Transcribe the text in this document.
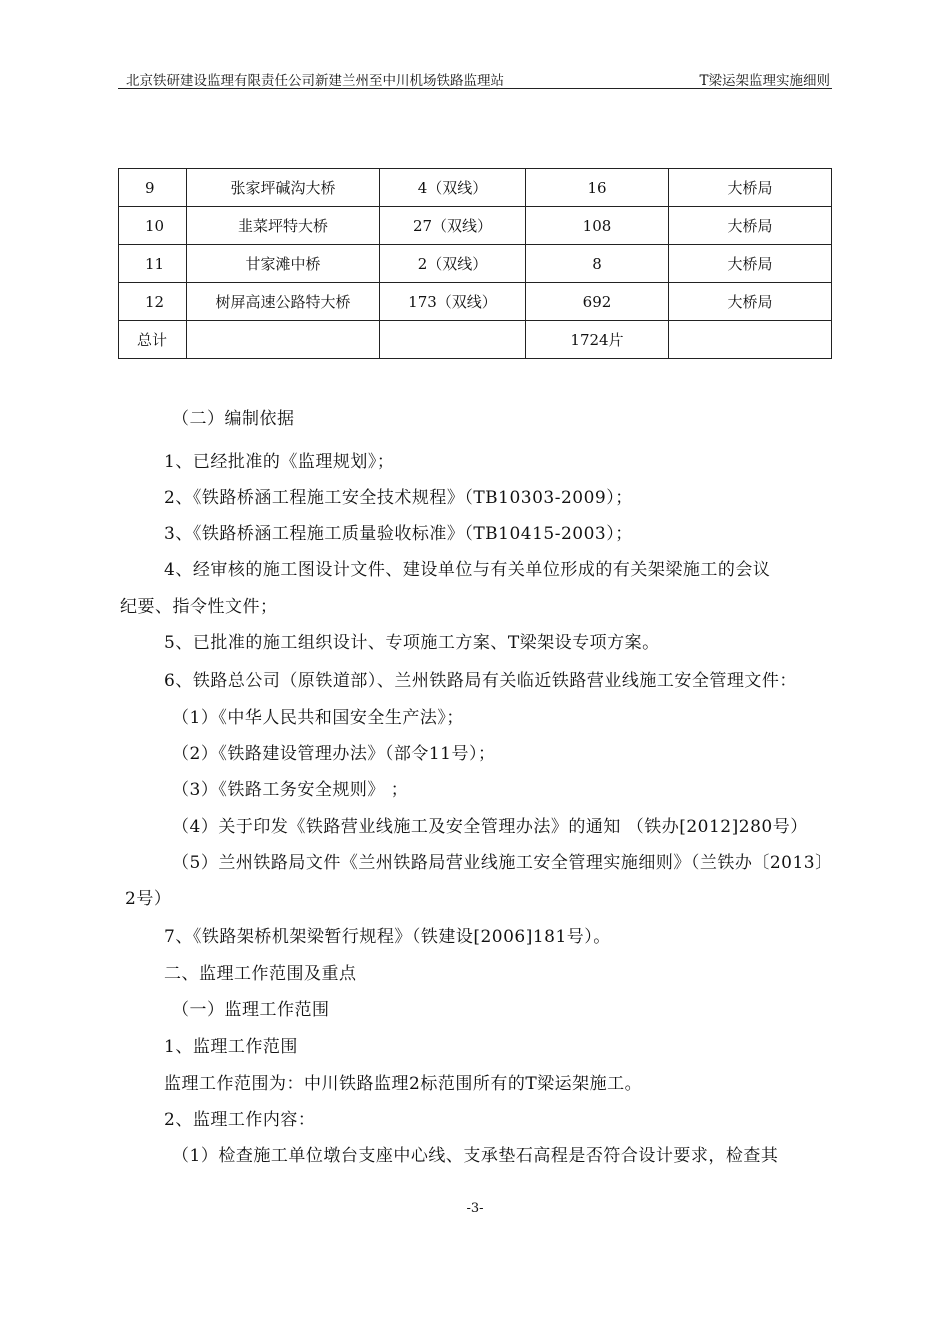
北京铁研建设监理有限责任公司新建兰州至中川机场铁路监理站	T梁运架监理实施细则
9	张家坪碱沟大桥	4（双线）	16	大桥局
10	韭菜坪特大桥	27（双线）	108	大桥局
11	甘家滩中桥	2（双线）	8	大桥局
12	树屏高速公路特大桥	173（双线）	692	大桥局
总计			1724片	
（二）编制依据
1、已经批准的《监理规划》；
2、《铁路桥涵工程施工安全技术规程》（TB10303-2009）；
3、《铁路桥涵工程施工质量验收标准》（TB10415-2003）；
4、经审核的施工图设计文件、建设单位与有关单位形成的有关架梁施工的会议
纪要、指令性文件；
5、已批准的施工组织设计、专项施工方案、T梁架设专项方案。
6、铁路总公司（原铁道部）、兰州铁路局有关临近铁路营业线施工安全管理文件：
（1）《中华人民共和国安全生产法》；
（2）《铁路建设管理办法》（部令11号）；
（3）《铁路工务安全规则》 ；
（4）关于印发《铁路营业线施工及安全管理办法》的通知 （铁办[2012]280号）
（5）兰州铁路局文件《兰州铁路局营业线施工安全管理实施细则》（兰铁办〔2013〕
2号）
7、《铁路架桥机架梁暂行规程》（铁建设[2006]181号）。
二、监理工作范围及重点
（一）监理工作范围
1、监理工作范围
监理工作范围为：中川铁路监理2标范围所有的T梁运架施工。
2、监理工作内容：
（1）检查施工单位墩台支座中心线、支承垫石高程是否符合设计要求，检查其
-3-
